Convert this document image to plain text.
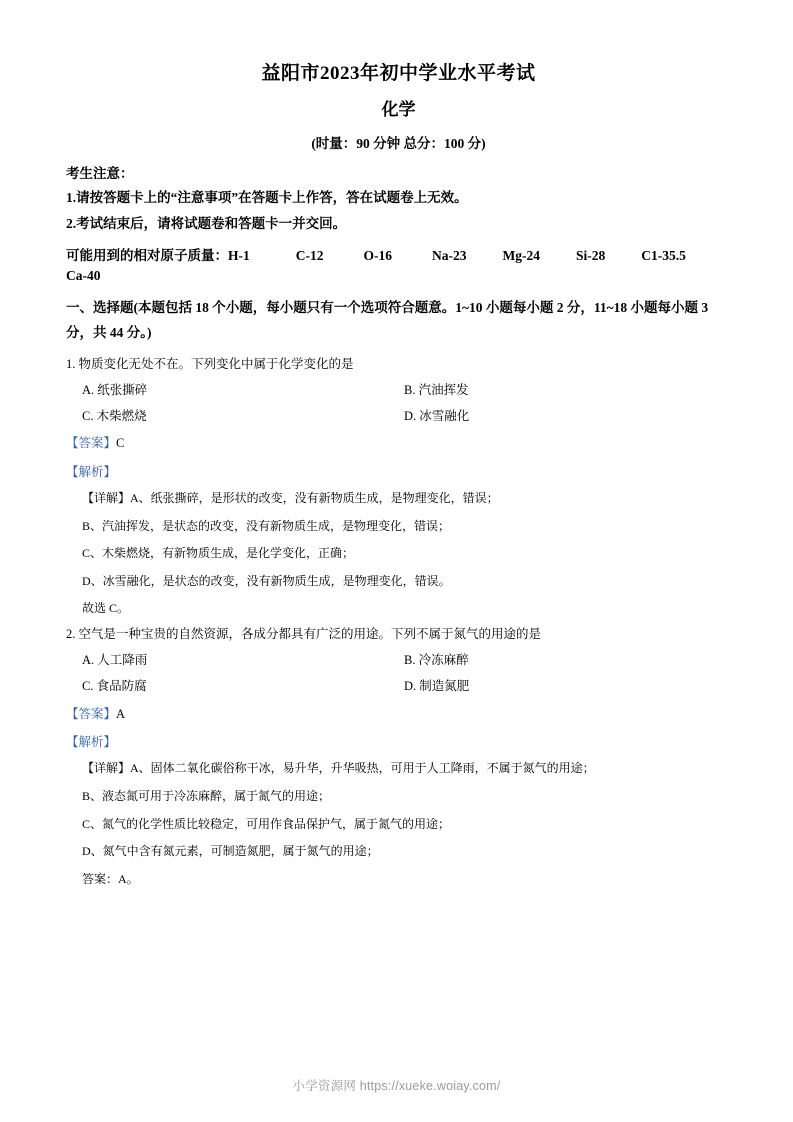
益阳市2023年初中学业水平考试
化学
(时量：90 分钟 总分：100 分)
考生注意：
1.请按答题卡上的“注意事项”在答题卡上作答，答在试题卷上无效。
2.考试结束后，请将试题卷和答题卡一并交回。
可能用到的相对原子质量：H-1	C-12	O-16	Na-23	Mg-24	Si-28	C1-35.5
Ca-40
一、选择题(本题包括 18 个小题，每小题只有一个选项符合题意。1~10 小题每小题 2 分，11~18 小题每小题 3 分，共 44 分。)
1. 物质变化无处不在。下列变化中属于化学变化的是
A. 纸张撕碎	B. 汽油挥发
C. 木柴燃烧	D. 冰雪融化
【答案】C
【解析】
【详解】A、纸张撕碎，是形状的改变，没有新物质生成，是物理变化，错误；
B、汽油挥发，是状态的改变，没有新物质生成，是物理变化，错误；
C、木柴燃烧，有新物质生成，是化学变化，正确；
D、冰雪融化，是状态的改变，没有新物质生成，是物理变化，错误。
故选 C。
2. 空气是一种宝贵的自然资源，各成分都具有广泛的用途。下列不属于氮气的用途的是
A. 人工降雨	B. 冷冻麻醉
C. 食品防腐	D. 制造氮肥
【答案】A
【解析】
【详解】A、固体二氧化碳俗称干冰，易升华，升华吸热，可用于人工降雨，不属于氮气的用途；
B、液态氮可用于冷冻麻醉，属于氮气的用途；
C、氮气的化学性质比较稳定，可用作食品保护气，属于氮气的用途；
D、氮气中含有氮元素，可制造氮肥，属于氮气的用途；
答案：A。
小学资源网 https://xueke.woiay.com/
